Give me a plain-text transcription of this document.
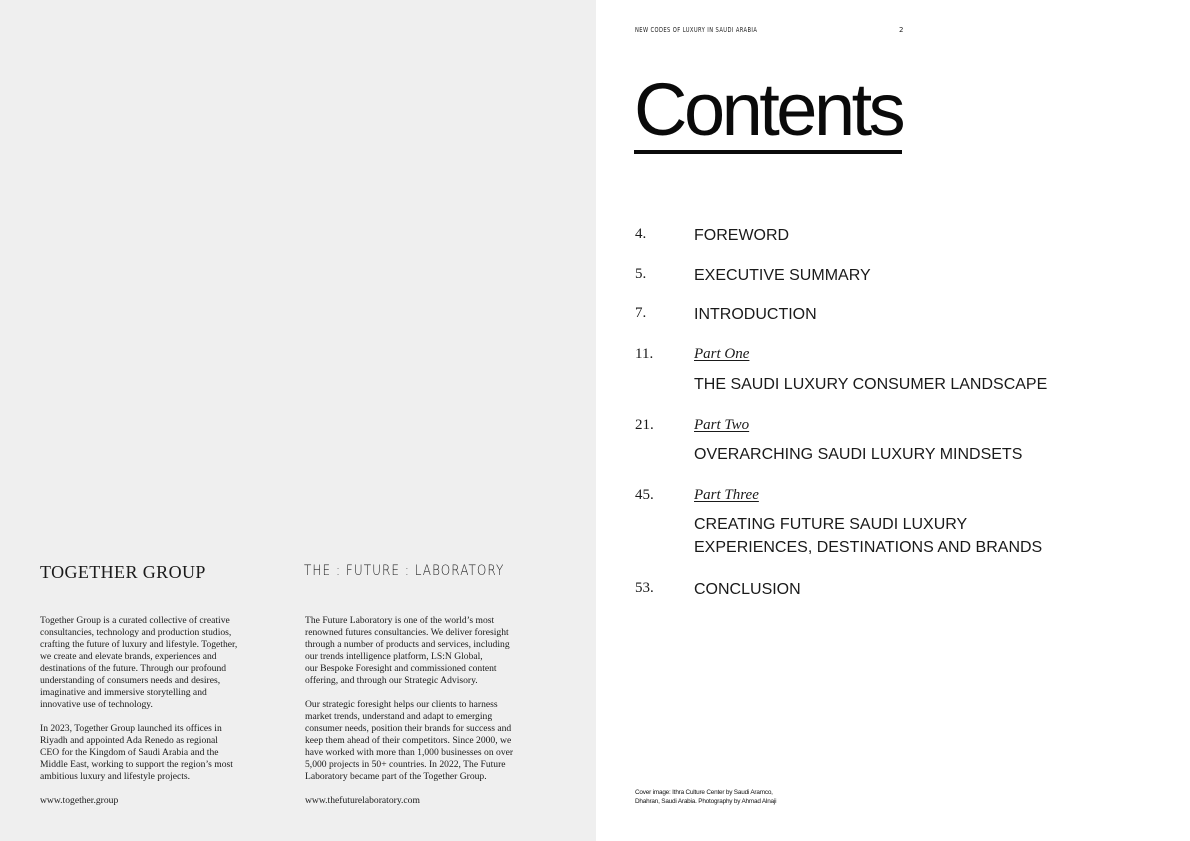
TOGETHER GROUP	THE : FUTURE : LABORATORY

Together Group is a curated collective of creative
consultancies, technology and production studios,
crafting the future of luxury and lifestyle. Together,
we create and elevate brands, experiences and
destinations of the future. Through our profound
understanding of consumers needs and desires,
imaginative and immersive storytelling and
innovative use of technology.

In 2023, Together Group launched its offices in
Riyadh and appointed Ada Renedo as regional
CEO for the Kingdom of Saudi Arabia and the
Middle East, working to support the region’s most
ambitious luxury and lifestyle projects.

The Future Laboratory is one of the world’s most
renowned futures consultancies. We deliver foresight
through a number of products and services, including
our trends intelligence platform, LS:N Global,
our Bespoke Foresight and commissioned content
offering, and through our Strategic Advisory.

Our strategic foresight helps our clients to harness
market trends, understand and adapt to emerging
consumer needs, position their brands for success and
keep them ahead of their competitors. Since 2000, we
have worked with more than 1,000 businesses on over
5,000 projects in 50+ countries. In 2022, The Future
Laboratory became part of the Together Group.

www.together.group	www.thefuturelaboratory.com
NEW CODES OF LUXURY IN SAUDI ARABIA	2
Contents
4.	FOREWORD
5.	EXECUTIVE SUMMARY
7.	INTRODUCTION
11.	Part One
THE SAUDI LUXURY CONSUMER LANDSCAPE
21.	Part Two
OVERARCHING SAUDI LUXURY MINDSETS
45.	Part Three
CREATING FUTURE SAUDI LUXURY EXPERIENCES, DESTINATIONS AND BRANDS
53.	CONCLUSION
Cover image: Ithra Culture Center by Saudi Aramco,
Dhahran, Saudi Arabia. Photography by Ahmad Alnaji
